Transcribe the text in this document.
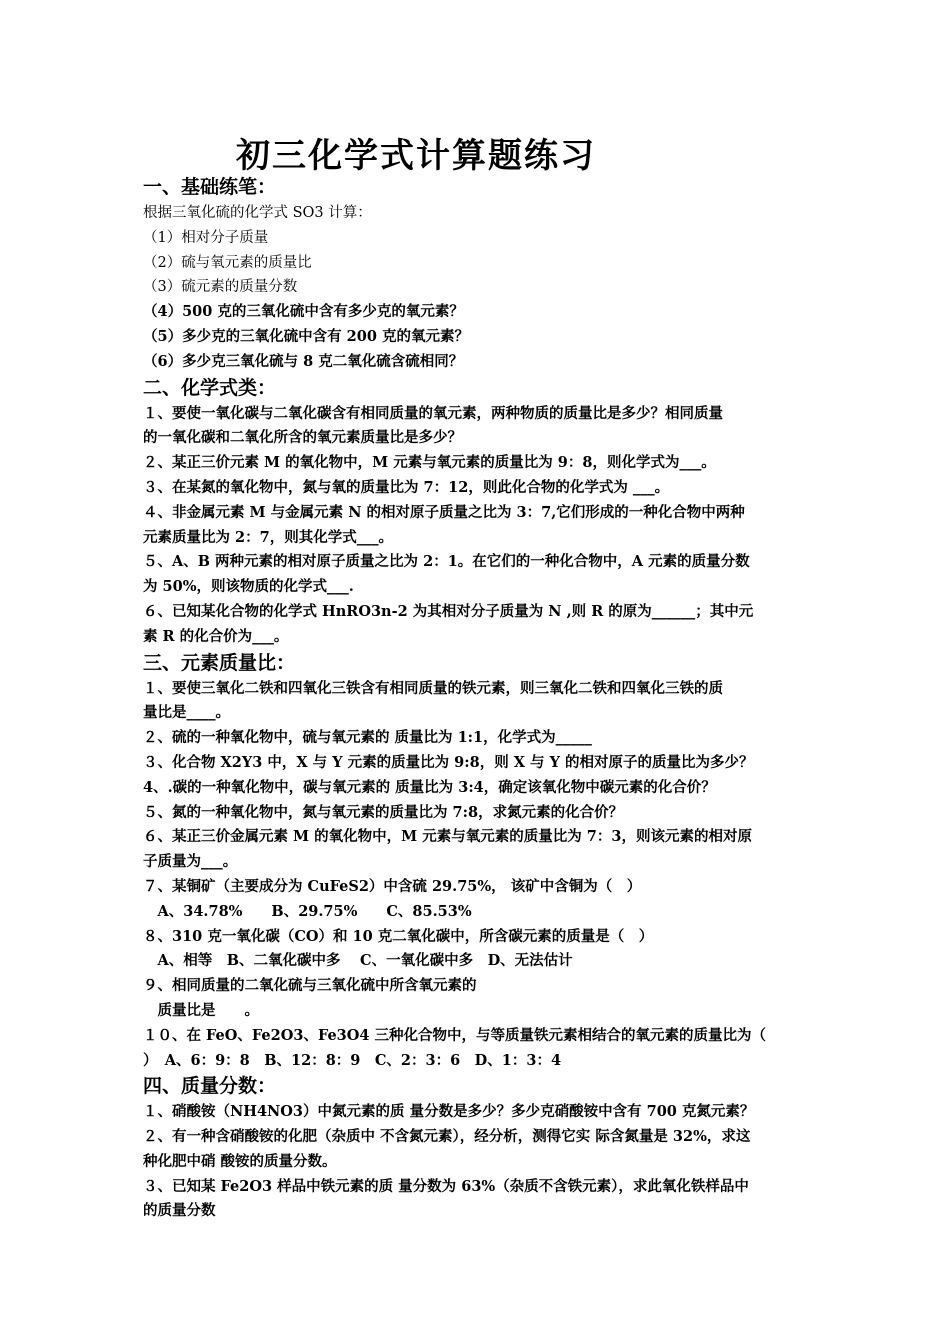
初三化学式计算题练习
一、基础练笔：
根据三氧化硫的化学式 SO3 计算：
（1）相对分子质量
（2）硫与氧元素的质量比
（3）硫元素的质量分数
（4）500 克的三氧化硫中含有多少克的氧元素？
（5）多少克的三氧化硫中含有 200 克的氧元素？
（6）多少克三氧化硫与 8 克二氧化硫含硫相同？
二、化学式类：
１、要使一氧化碳与二氧化碳含有相同质量的氧元素，两种物质的质量比是多少？相同质量
的一氧化碳和二氧化所含的氧元素质量比是多少？
２、某正三价元素 M 的氧化物中，M 元素与氧元素的质量比为 9：8，则化学式为___。
３、在某氮的氧化物中，氮与氧的质量比为 7：12，则此化合物的化学式为 ___。
４、非金属元素 M 与金属元素 N 的相对原子质量之比为 3：7,它们形成的一种化合物中两种
元素质量比为 2：7，则其化学式___。
５、A、B 两种元素的相对原子质量之比为 2：1。在它们的一种化合物中，A 元素的质量分数
为 50%，则该物质的化学式___.
６、已知某化合物的化学式 HnRO3n-2 为其相对分子质量为 N ,则 R 的原为______；其中元
素 R 的化合价为___。
三、元素质量比：
１、要使三氧化二铁和四氧化三铁含有相同质量的铁元素，则三氧化二铁和四氧化三铁的质
量比是____。
２、硫的一种氧化物中，硫与氧元素的 质量比为 1:1，化学式为_____
３、化合物 X2Y3 中，X 与 Y 元素的质量比为 9:8，则 X 与 Y 的相对原子的质量比为多少？
4、.碳的一种氧化物中，碳与氧元素的 质量比为 3:4，确定该氧化物中碳元素的化合价？
５、氮的一种氧化物中，氮与氧元素的质量比为 7:8，求氮元素的化合价？
６、某正三价金属元素 M 的氧化物中，M 元素与氧元素的质量比为 7：3，则该元素的相对原
子质量为___。
７、某铜矿（主要成分为 CuFeS2）中含硫 29.75%， 该矿中含铜为（　）
　A、34.78%　　B、29.75%　　C、85.53%
８、310 克一氧化碳（CO）和 10 克二氧化碳中，所含碳元素的质量是（　）
　A、相等　B、二氧化碳中多　 C、一氧化碳中多　D、无法估计
９、相同质量的二氧化硫与三氧化硫中所含氧元素的
　质量比是　　。
１０、在 FeO、Fe2O3、Fe3O4 三种化合物中，与等质量铁元素相结合的氧元素的质量比为（
）　A、6：9：8　B、12：8：9　C、2：3：6　D、1：3：4
四、质量分数：
１、硝酸铵（NH4NO3）中氮元素的质 量分数是多少？多少克硝酸铵中含有 700 克氮元素？
２、有一种含硝酸铵的化肥（杂质中 不含氮元素），经分析，测得它实 际含氮量是 32%，求这
种化肥中硝 酸铵的质量分数。
３、已知某 Fe2O3 样品中铁元素的质 量分数为 63%（杂质不含铁元素），求此氧化铁样品中
的质量分数
